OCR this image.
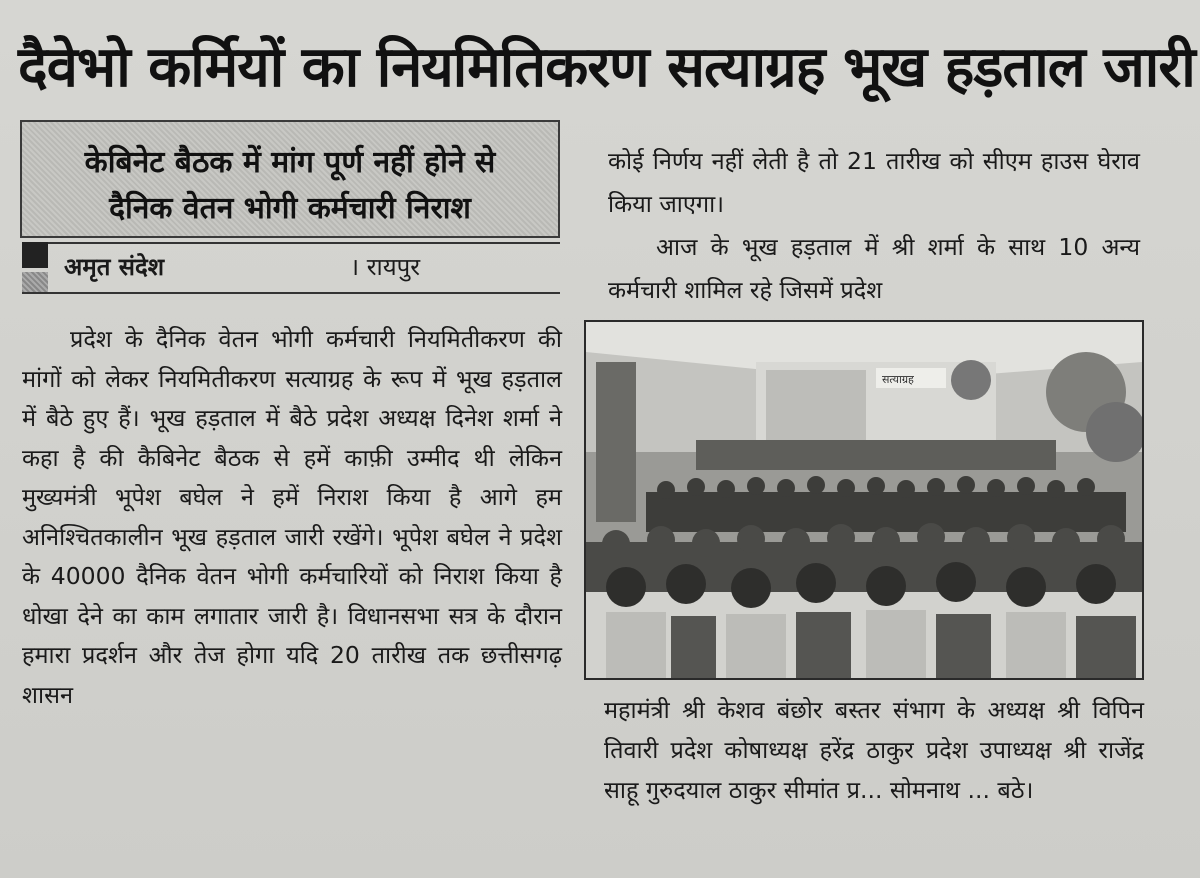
दैवेभो कर्मियों का नियमितिकरण सत्याग्रह भूख हड़ताल जारी
केबिनेट बैठक में मांग पूर्ण नहीं होने से
दैनिक वेतन भोगी कर्मचारी निराश
अमृत संदेश	। रायपुर

प्रदेश के दैनिक वेतन भोगी कर्मचारी नियमितीकरण की मांगों को लेकर नियमितीकरण सत्याग्रह के रूप में भूख हड़ताल में बैठे हुए हैं। भूख हड़ताल में बैठे प्रदेश अध्यक्ष दिनेश शर्मा ने कहा है की कैबिनेट बैठक से हमें काफ़ी उम्मीद थी लेकिन मुख्यमंत्री भूपेश बघेल ने हमें निराश किया है आगे हम अनिश्चितकालीन भूख हड़ताल जारी रखेंगे। भूपेश बघेल ने प्रदेश के 40000 दैनिक वेतन भोगी कर्मचारियों को निराश किया है धोखा देने का काम लगातार जारी है। विधानसभा सत्र के दौरान हमारा प्रदर्शन और तेज होगा यदि 20 तारीख तक छत्तीसगढ़ शासन

कोई निर्णय नहीं लेती है तो 21 तारीख को सीएम हाउस घेराव किया जाएगा।

आज के भूख हड़ताल में श्री शर्मा के साथ 10 अन्य कर्मचारी शामिल रहे जिसमें प्रदेश

सत्याग्रह

महामंत्री श्री केशव बंछोर बस्तर संभाग के अध्यक्ष श्री विपिन तिवारी प्रदेश कोषाध्यक्ष हरेंद्र ठाकुर प्रदेश उपाध्यक्ष श्री राजेंद्र साहू गुरुदयाल ठाकुर सीमांत प्र... सोमनाथ ... बठे।
